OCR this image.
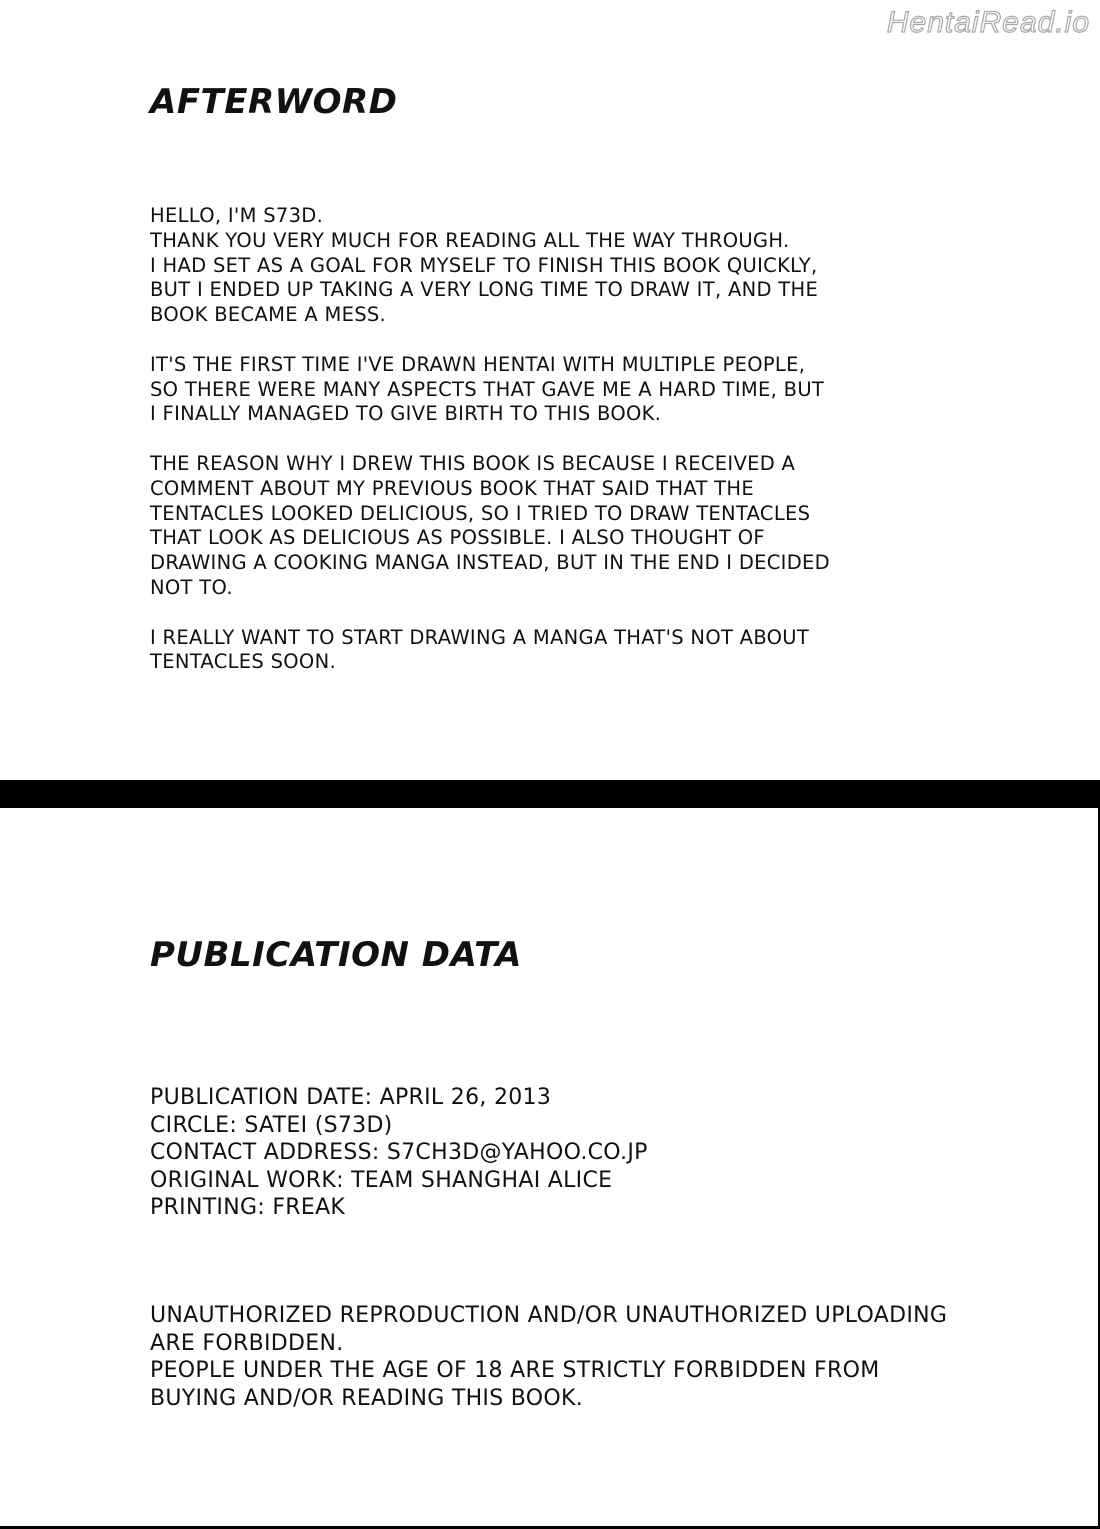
HentaiRead.io
AFTERWORD

HELLO, I'M S73D.
THANK YOU VERY MUCH FOR READING ALL THE WAY THROUGH.
I HAD SET AS A GOAL FOR MYSELF TO FINISH THIS BOOK QUICKLY,
BUT I ENDED UP TAKING A VERY LONG TIME TO DRAW IT, AND THE
BOOK BECAME A MESS.

IT'S THE FIRST TIME I'VE DRAWN HENTAI WITH MULTIPLE PEOPLE,
SO THERE WERE MANY ASPECTS THAT GAVE ME A HARD TIME, BUT
I FINALLY MANAGED TO GIVE BIRTH TO THIS BOOK.

THE REASON WHY I DREW THIS BOOK IS BECAUSE I RECEIVED A
COMMENT ABOUT MY PREVIOUS BOOK THAT SAID THAT THE
TENTACLES LOOKED DELICIOUS, SO I TRIED TO DRAW TENTACLES
THAT LOOK AS DELICIOUS AS POSSIBLE. I ALSO THOUGHT OF
DRAWING A COOKING MANGA INSTEAD, BUT IN THE END I DECIDED
NOT TO.

I REALLY WANT TO START DRAWING A MANGA THAT'S NOT ABOUT
TENTACLES SOON.

PUBLICATION DATA
PUBLICATION DATE: APRIL 26, 2013
CIRCLE: SATEI (S73D)
CONTACT ADDRESS: S7CH3D@YAHOO.CO.JP
ORIGINAL WORK: TEAM SHANGHAI ALICE
PRINTING: FREAK

UNAUTHORIZED REPRODUCTION AND/OR UNAUTHORIZED UPLOADING
ARE FORBIDDEN.

PEOPLE UNDER THE AGE OF 18 ARE STRICTLY FORBIDDEN FROM
BUYING AND/OR READING THIS BOOK.
